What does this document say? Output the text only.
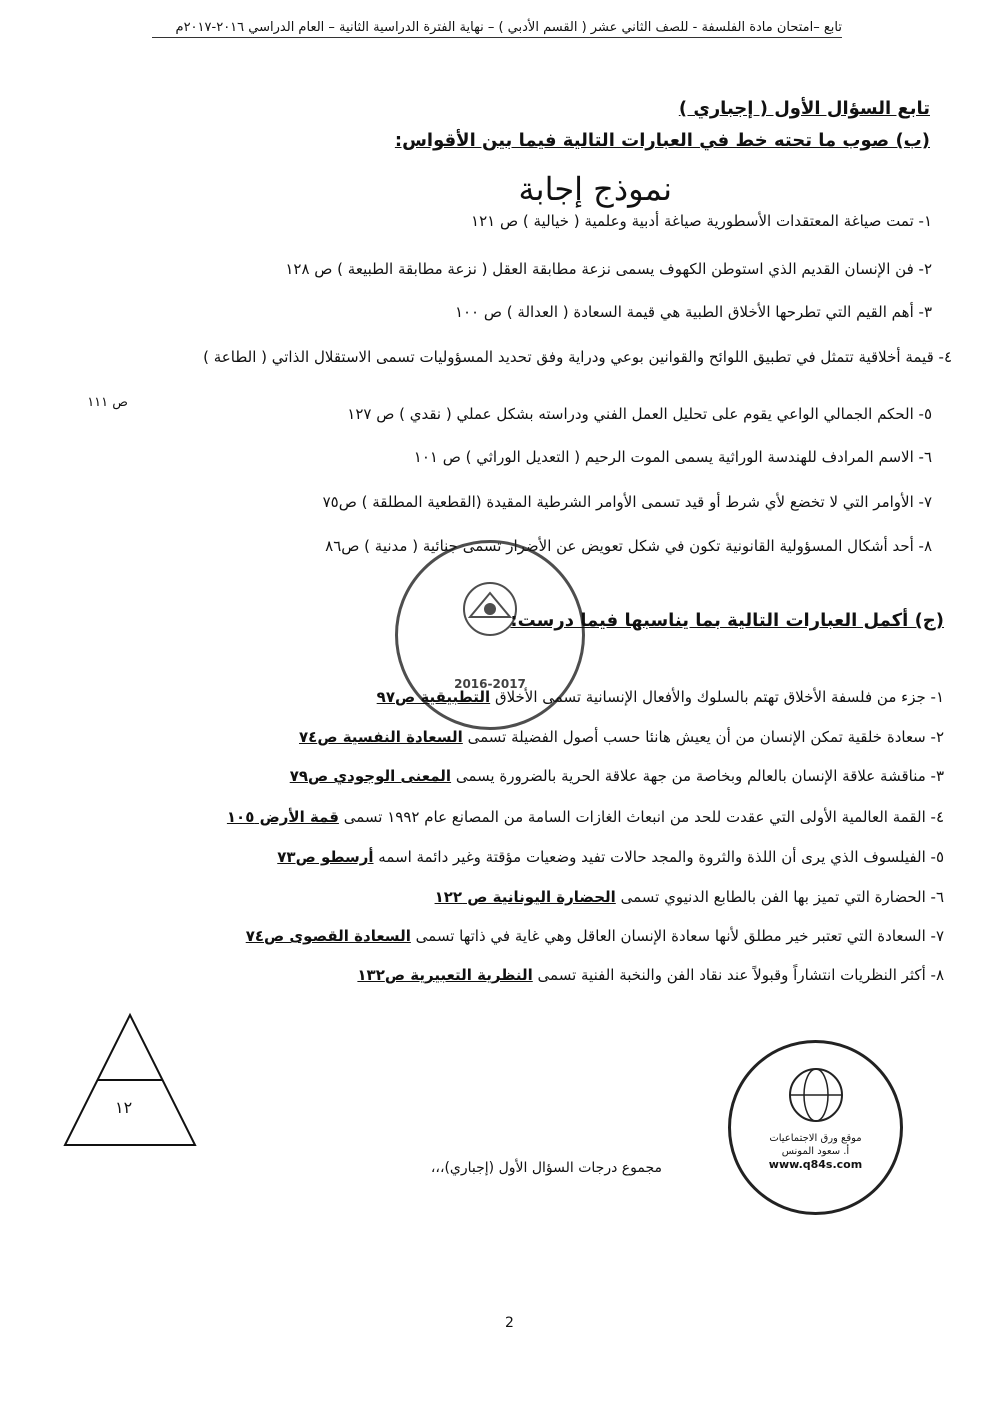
تابع –امتحان مادة الفلسفة - للصف الثاني عشر ( القسم الأدبي ) – نهاية الفترة الدراسية الثانية – العام الدراسي ٢٠١٦-٢٠١٧م
تابع السؤال الأول ( إجباري )
(ب) صوب ما تحته خط في العبارات التالية فيما بين الأقواس:
نموذج إجابة
١- تمت صياغة المعتقدات الأسطورية صياغة أدبية وعلمية ( خيالية ) ص ١٢١
٢- فن الإنسان القديم الذي استوطن الكهوف يسمى نزعة مطابقة العقل ( نزعة مطابقة الطبيعة ) ص ١٢٨
٣- أهم القيم التي تطرحها الأخلاق الطبية هي قيمة السعادة ( العدالة ) ص ١٠٠
٤- قيمة أخلاقية تتمثل في تطبيق اللوائح والقوانين بوعي ودراية وفق تحديد المسؤوليات تسمى الاستقلال الذاتي ( الطاعة )
ص ١١١
٥- الحكم الجمالي الواعي يقوم على تحليل العمل الفني ودراسته بشكل عملي ( نقدي ) ص ١٢٧
٦- الاسم المرادف للهندسة الوراثية يسمى الموت الرحيم ( التعديل الوراثي ) ص ١٠١
٧- الأوامر التي لا تخضع لأي شرط أو قيد تسمى الأوامر الشرطية المقيدة (القطعية المطلقة ) ص٧٥
٨- أحد أشكال المسؤولية القانونية تكون في شكل تعويض عن الأضرار تسمى جنائية ( مدنية ) ص٨٦
2016-2017
(ج) أكمل العبارات التالية بما يناسبها فيما درست:
١- جزء من فلسفة الأخلاق تهتم بالسلوك والأفعال الإنسانية تسمى الأخلاق التطبيقية ص٩٧
٢- سعادة خلقية تمكن الإنسان من أن يعيش هانئا حسب أصول الفضيلة تسمى السعادة النفسية ص٧٤
٣- مناقشة علاقة الإنسان بالعالم وبخاصة من جهة علاقة الحرية بالضرورة يسمى المعنى الوجودي ص٧٩
٤- القمة العالمية الأولى التي عقدت للحد من انبعاث الغازات السامة من المصانع عام ١٩٩٢ تسمى قمة الأرض ١٠٥
٥- الفيلسوف الذي يرى أن اللذة والثروة والمجد حالات تفيد وضعيات مؤقتة وغير دائمة اسمه أرسطو ص٧٣
٦- الحضارة التي تميز بها الفن بالطابع الدنيوي تسمى الحضارة اليونانية ص ١٢٢
٧- السعادة التي تعتبر خير مطلق لأنها سعادة الإنسان العاقل وهي غاية في ذاتها تسمى السعادة القصوى ص٧٤
٨- أكثر النظريات انتشاراً وقبولاً عند نقاد الفن والنخبة الفنية تسمى النظرية التعبيرية ص١٣٢
١٢
مجموع درجات السؤال الأول (إجباري)،،،
موقع ورق الاجتماعيات
أ. سعود المونس
www.q84s.com
2
